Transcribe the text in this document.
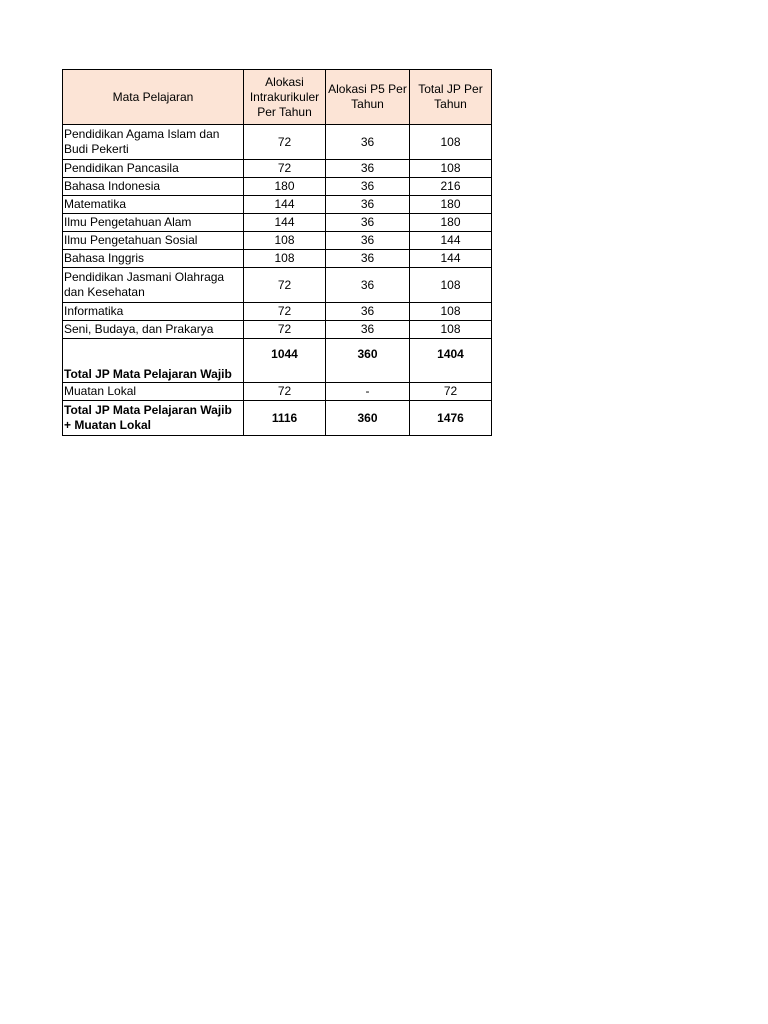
Mata Pelajaran	Alokasi Intrakurikuler Per Tahun	Alokasi P5 Per Tahun	Total JP Per Tahun
Pendidikan Agama Islam dan Budi Pekerti	72	36	108
Pendidikan Pancasila	72	36	108
Bahasa Indonesia	180	36	216
Matematika	144	36	180
Ilmu Pengetahuan Alam	144	36	180
Ilmu Pengetahuan Sosial	108	36	144
Bahasa Inggris	108	36	144
Pendidikan Jasmani Olahraga dan Kesehatan	72	36	108
Informatika	72	36	108
Seni, Budaya, dan Prakarya	72	36	108
Total JP Mata Pelajaran Wajib	1044	360	1404
Muatan Lokal	72	-	72
Total JP Mata Pelajaran Wajib + Muatan Lokal	1116	360	1476
